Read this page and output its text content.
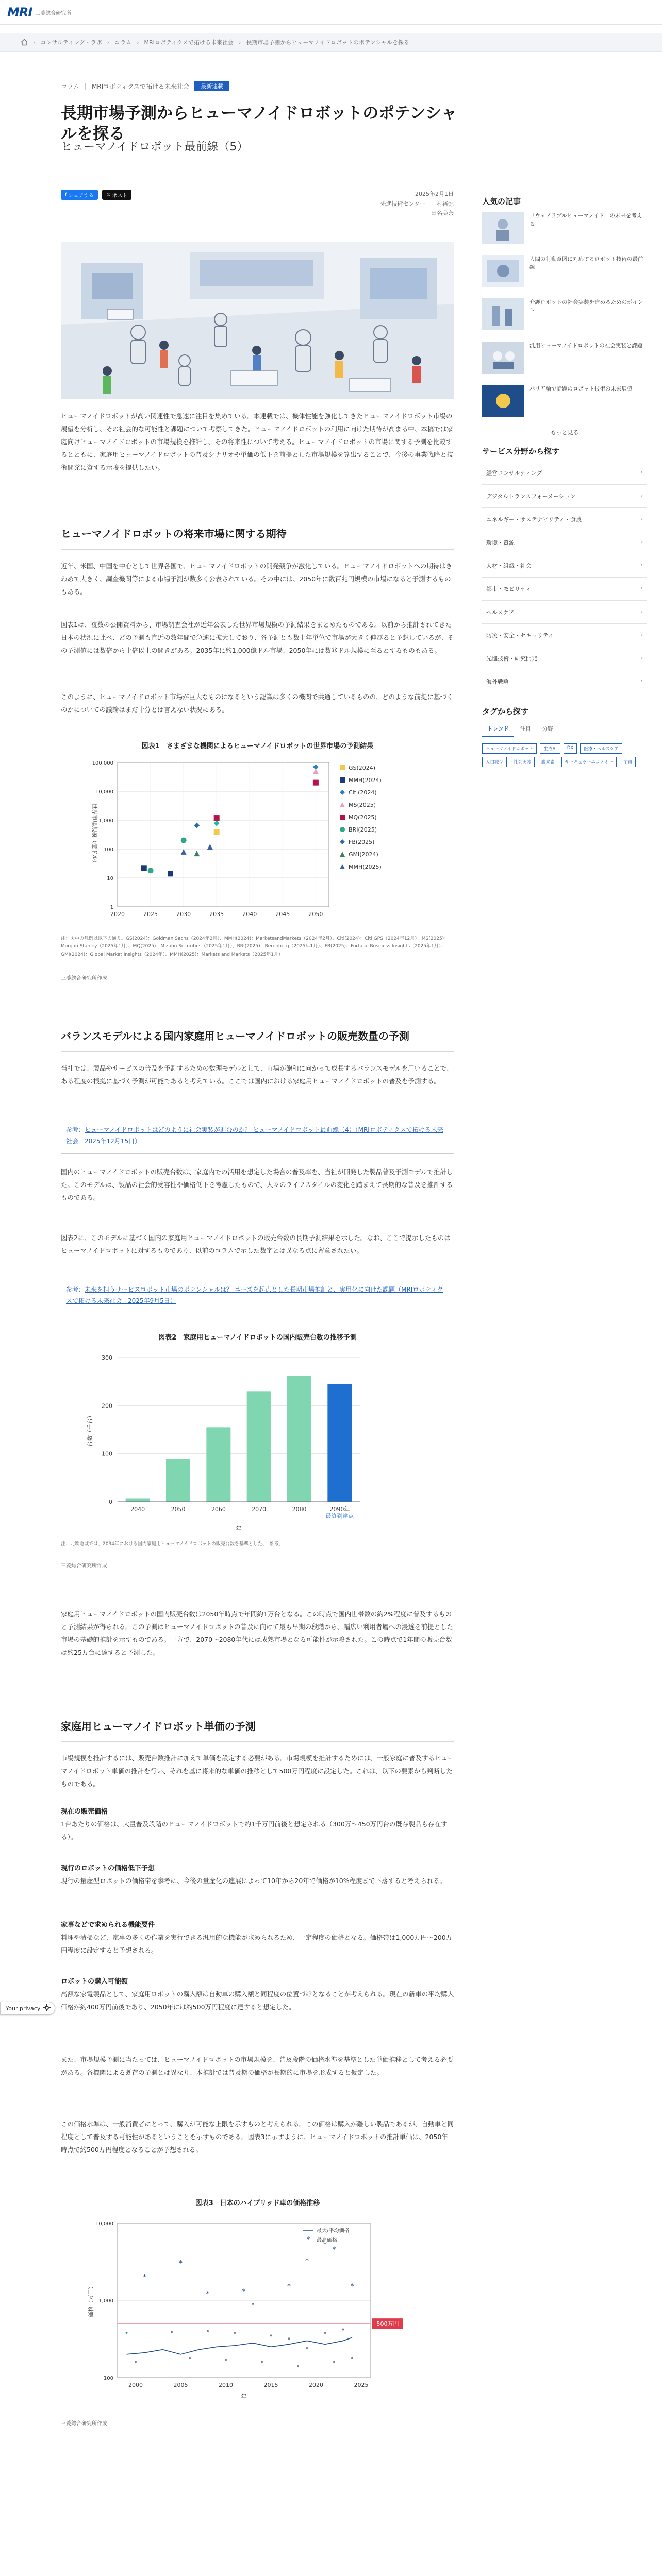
MRI 三菱総合研究所
› コンサルティング・ラボ › コラム › MRIロボティクスで拓ける未来社会 › 長期市場予測からヒューマノイドロボットのポテンシャルを探る
コラム | MRIロボティクスで拓ける未来社会	最新連載
長期市場予測からヒューマノイドロボットのポテンシャルを探る
ヒューマノイドロボット最前線（5）
f シェアする 𝕏 ポスト	2025年2月1日
先進技術センター　中村裕弥
田名美奈
ヒューマノイドロボットが高い関連性で急速に注目を集めている。本連載では、機体性能を強化してきたヒューマノイドロボット市場の展望を分析し、その社会的な可能性と課題について考察してきた。ヒューマノイドロボットの利用に向けた期待が高まる中、本稿では家庭向けヒューマノイドロボットの市場規模を推計し、その将来性について考える。ヒューマノイドロボットの市場に関する予測を比較するとともに、家庭用ヒューマノイドロボットの普及シナリオや単価の低下を前提とした市場規模を算出することで、今後の事業戦略と技術開発に資する示唆を提供したい。
ヒューマノイドロボットの将来市場に関する期待
近年、米国、中国を中心として世界各国で、ヒューマノイドロボットの開発競争が激化している。ヒューマノイドロボットへの期待はきわめて大きく、調査機関等による市場予測が数多く公表されている。その中には、2050年に数百兆円規模の市場になると予測するものもある。
図表1は、複数の公開資料から、市場調査会社が近年公表した世界市場規模の予測結果をまとめたものである。以前から推計されてきた日本の状況に比べ、どの予測も直近の数年間で急速に拡大しており、各予測とも数十年単位で市場が大きく伸びると予想しているが、その予測値には数倍から十倍以上の開きがある。2035年に約1,000億ドル市場、2050年には数兆ドル規模に至るとするものもある。
このように、ヒューマノイドロボット市場が巨大なものになるという認識は多くの機関で共通しているものの、どのような前提に基づくのかについての議論はまだ十分とは言えない状況にある。
図表1　さまざまな機関によるヒューマノイドロボットの世界市場の予測結果
1
10
100
1,000
10,000
100,000
2020	2025	2030	2035	2040	2045	2050
世界市場規模（億ドル）
GS(2024)
MMH(2024)
Citi(2024)
MS(2025)
MQ(2025)
BRI(2025)
FB(2025)
GMI(2024)
MMH(2025)
注：図中の凡例は以下の通り。GS(2024)：Goldman Sachs（2024年2月）、MMH(2024)：MarketsandMarkets（2024年2月）、Citi(2024)：Citi GPS（2024年12月）、MS(2025)：Morgan Stanley（2025年1月）、MQ(2025)：Mizuho Securities（2025年1月）、BRI(2025)：Berenberg（2025年1月）、FB(2025)：Fortune Business Insights（2025年1月）、GMI(2024)：Global Market Insights（2024年）、MMH(2025)：Markets and Markets（2025年1月）
三菱総合研究所作成
バランスモデルによる国内家庭用ヒューマノイドロボットの販売数量の予測
当社では、製品やサービスの普及を予測するための数理モデルとして、市場が飽和に向かって成長するバランスモデルを用いることで、ある程度の根拠に基づく予測が可能であると考えている。ここでは国内における家庭用ヒューマノイドロボットの普及を予測する。
参考：ヒューマノイドロボットはどのように社会実装が進むのか？ ヒューマノイドロボット最前線（4）（MRIロボティクスで拓ける未来社会　2025年12月15日）
国内のヒューマノイドロボットの販売台数は、家庭内での活用を想定した場合の普及率を、当社が開発した製品普及予測モデルで推計した。このモデルは、製品の社会的受容性や価格低下を考慮したもので、人々のライフスタイルの変化を踏まえて長期的な普及を推計するものである。
図表2に、このモデルに基づく国内の家庭用ヒューマノイドロボットの販売台数の長期予測結果を示した。なお、ここで提示したものはヒューマノイドロボットに対するものであり、以前のコラムで示した数字とは異なる点に留意されたい。
参考：未来を担うサービスロボット市場のポテンシャルは？ ニーズを起点とした長期市場推計と、実用化に向けた課題（MRIロボティクスで拓ける未来社会　2025年9月5日）
図表2　家庭用ヒューマノイドロボットの国内販売台数の推移予測
0
100
200
300
台数（千台）
2040	2050	2060	2070	2080	2090年
最終到達点
年
注：北欧地域では、2034年における国内家庭用ヒューマノイドロボットの販売台数を基準とした、「参考」
三菱総合研究所作成
家庭用ヒューマノイドロボットの国内販売台数は2050年時点で年間約1万台となる。この時点で国内世帯数の約2%程度に普及するものと予測結果が得られる。この予測はヒューマノイドロボットの普及に向けて最も早期の段階から、幅広い利用者層への浸透を前提とした市場の基礎的推計を示すものである。一方で、2070〜2080年代には成熟市場となる可能性が示唆された。この時点で1年間の販売台数は約25万台に達すると予測した。
家庭用ヒューマノイドロボット単価の予測
市場規模を推計するには、販売台数推計に加えて単価を設定する必要がある。市場規模を推計するためには、一般家庭に普及するヒューマノイドロボット単価の推計を行い、それを基に将来的な単価の推移として500万円程度に設定した。これは、以下の要素から判断したものである。
現在の販売価格
1台あたりの価格は、大量普及段階のヒューマノイドロボットで約1千万円前後と想定される（300万〜450万円台の既存製品も存在する）。
現行のロボットの価格低下予想
現行の量産型ロボットの価格帯を参考に、今後の量産化の進展によって10年から20年で価格が10%程度まで下落すると考えられる。
家事などで求められる機能要件
料理や清掃など、家事の多くの作業を実行できる汎用的な機能が求められるため、一定程度の価格となる。価格帯は1,000万円〜200万円程度に設定すると予想される。
ロボットの購入可能額
高額な家電製品として、家庭用ロボットの購入額は自動車の購入額と同程度の位置づけとなることが考えられる。現在の新車の平均購入価格が約400万円前後であり、2050年には約500万円程度に達すると想定した。
また、市場規模予測に当たっては、ヒューマノイドロボットの市場規模を、普及段階の価格水準を基準とした単価推移として考える必要がある。各機関による既存の予測とは異なり、本推計では普及期の価格が長期的に市場を形成すると仮定した。
この価格水準は、一般消費者にとって、購入が可能な上限を示すものと考えられる。この価格は購入が難しい製品であるが、自動車と同程度として普及する可能性があるということを示すものである。図表3に示すように、ヒューマノイドロボットの推計単価は、2050年時点で約500万円程度となることが予想される。
図表3　日本のハイブリッド車の価格推移
100
1,000
10,000
2000	2005	2010	2015	2020	2025
価格（万円）
年
*
*
*	*
*
*
*
*
*
500万円
最大/平均価格
* 最高価格
三菱総合研究所作成
Your privacy

人気の記事
「ウェアラブルヒューマノイド」の未来を考える
人間の行動意図に対応するロボット技術の最前線
介護ロボットの社会実装を進めるためのポイント
汎用ヒューマノイドロボットの社会実装と課題
パリ五輪で話題のロボット技術の未来展望
もっと見る
サービス分野から探す
経営コンサルティング ›
デジタルトランスフォーメーション ›
エネルギー・サステナビリティ・食農 ›
環境・資源 ›
人材・組織・社会 ›
都市・モビリティ ›
ヘルスケア ›
防災・安全・セキュリティ ›
先進技術・研究開発 ›
海外戦略 ›
タグから探す
トレンド	注目	分野
ヒューマノイドロボット	生成AI	DX	医療・ヘルスケア
人口減少	社会実装	脱炭素	サーキュラーエコノミー	宇宙
